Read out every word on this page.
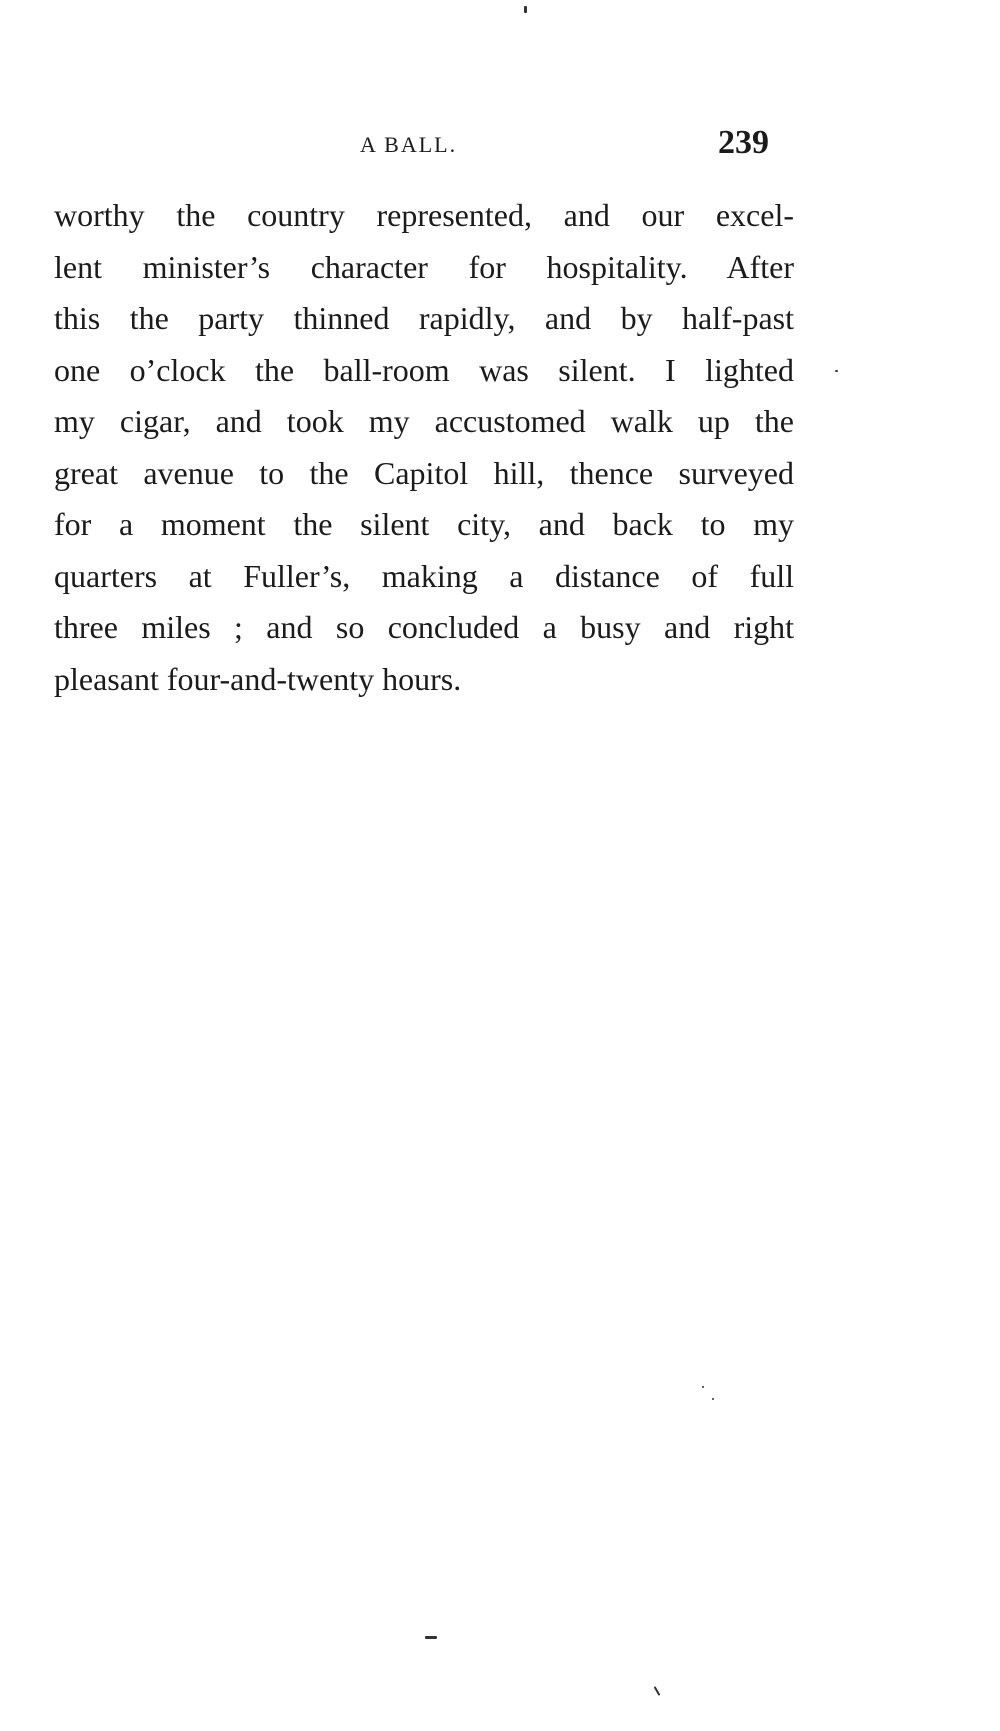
A BALL.	239
worthy the country represented, and our excel-
lent minister’s character for hospitality. After
this the party thinned rapidly, and by half-past
one o’clock the ball-room was silent. I lighted
my cigar, and took my accustomed walk up the
great avenue to the Capitol hill, thence surveyed
for a moment the silent city, and back to my
quarters at Fuller’s, making a distance of full
three miles ; and so concluded a busy and right
pleasant four-and-twenty hours.
